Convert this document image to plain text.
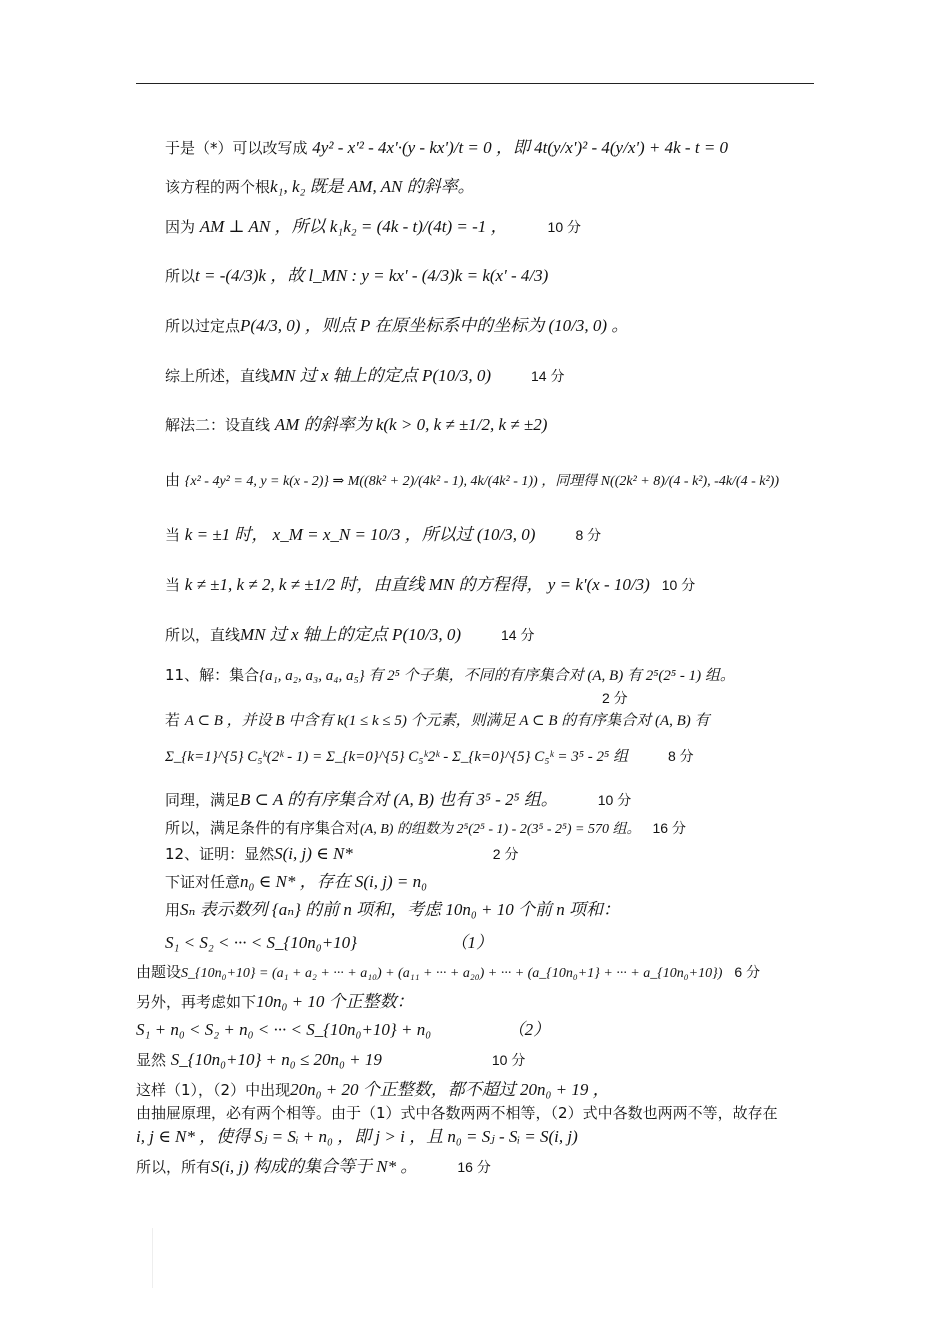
于是（*）可以改写成 4y² - x'² - 4x'·(y - kx')/t = 0 ，即 4t(y/x')² - 4(y/x') + 4k - t = 0
该方程的两个根k₁, k₂ 既是 AM, AN 的斜率。
因为 AM ⊥ AN ，所以 k₁k₂ = (4k - t)/(4t) = -1 ，	10 分
所以t = -(4/3)k ，故 l_MN : y = kx' - (4/3)k = k(x' - 4/3)
所以过定点P(4/3, 0) ，则点 P 在原坐标系中的坐标为 (10/3, 0) 。
综上所述，直线MN 过 x 轴上的定点 P(10/3, 0)	14 分
解法二：设直线 AM 的斜率为 k(k > 0, k ≠ ±1/2, k ≠ ±2)
由 {x² - 4y² = 4, y = k(x - 2)} ⇒ M((8k² + 2)/(4k² - 1), 4k/(4k² - 1)) ，同理得 N((2k² + 8)/(4 - k²), -4k/(4 - k²))
当 k = ±1 时， x_M = x_N = 10/3 ，所以过 (10/3, 0)	8 分
当 k ≠ ±1, k ≠ 2, k ≠ ±1/2 时，由直线 MN 的方程得， y = k'(x - 10/3) 10 分
所以，直线MN 过 x 轴上的定点 P(10/3, 0)	14 分
11、解：集合{a₁, a₂, a₃, a₄, a₅} 有 2⁵ 个子集，不同的有序集合对 (A, B) 有 2⁵(2⁵ - 1) 组。
2 分
若 A ⊂ B ，并设 B 中含有 k(1 ≤ k ≤ 5) 个元素，则满足 A ⊂ B 的有序集合对 (A, B) 有
Σ_{k=1}^{5} C₅ᵏ(2ᵏ - 1) = Σ_{k=0}^{5} C₅ᵏ2ᵏ - Σ_{k=0}^{5} C₅ᵏ = 3⁵ - 2⁵ 组	8 分
同理，满足B ⊂ A 的有序集合对 (A, B) 也有 3⁵ - 2⁵ 组。	10 分
所以，满足条件的有序集合对(A, B) 的组数为 2⁵(2⁵ - 1) - 2(3⁵ - 2⁵) = 570 组。 16 分
12、证明：显然S(i, j) ∈ N*	2 分
下证对任意n₀ ∈ N* ，存在 S(i, j) = n₀
用Sₙ 表示数列 {aₙ} 的前 n 项和，考虑 10n₀ + 10 个前 n 项和：
S₁ < S₂ < ··· < S_{10n₀+10}　　　　　　（1）
由题设S_{10n₀+10} = (a₁ + a₂ + ··· + a₁₀) + (a₁₁ + ··· + a₂₀) + ··· + (a_{10n₀+1} + ··· + a_{10n₀+10}) 6 分
另外，再考虑如下10n₀ + 10 个正整数：
S₁ + n₀ < S₂ + n₀ < ··· < S_{10n₀+10} + n₀　　　　　（2）
显然 S_{10n₀+10} + n₀ ≤ 20n₀ + 19	10 分
这样（1），（2）中出现20n₀ + 20 个正整数，都不超过 20n₀ + 19 ，
由抽屉原理，必有两个相等。由于（1）式中各数两两不相等，（2）式中各数也两两不等，故存在
i, j ∈ N* ，使得 Sⱼ = Sᵢ + n₀ ，即 j > i ，且 n₀ = Sⱼ - Sᵢ = S(i, j)
所以，所有S(i, j) 构成的集合等于 N* 。	16 分
